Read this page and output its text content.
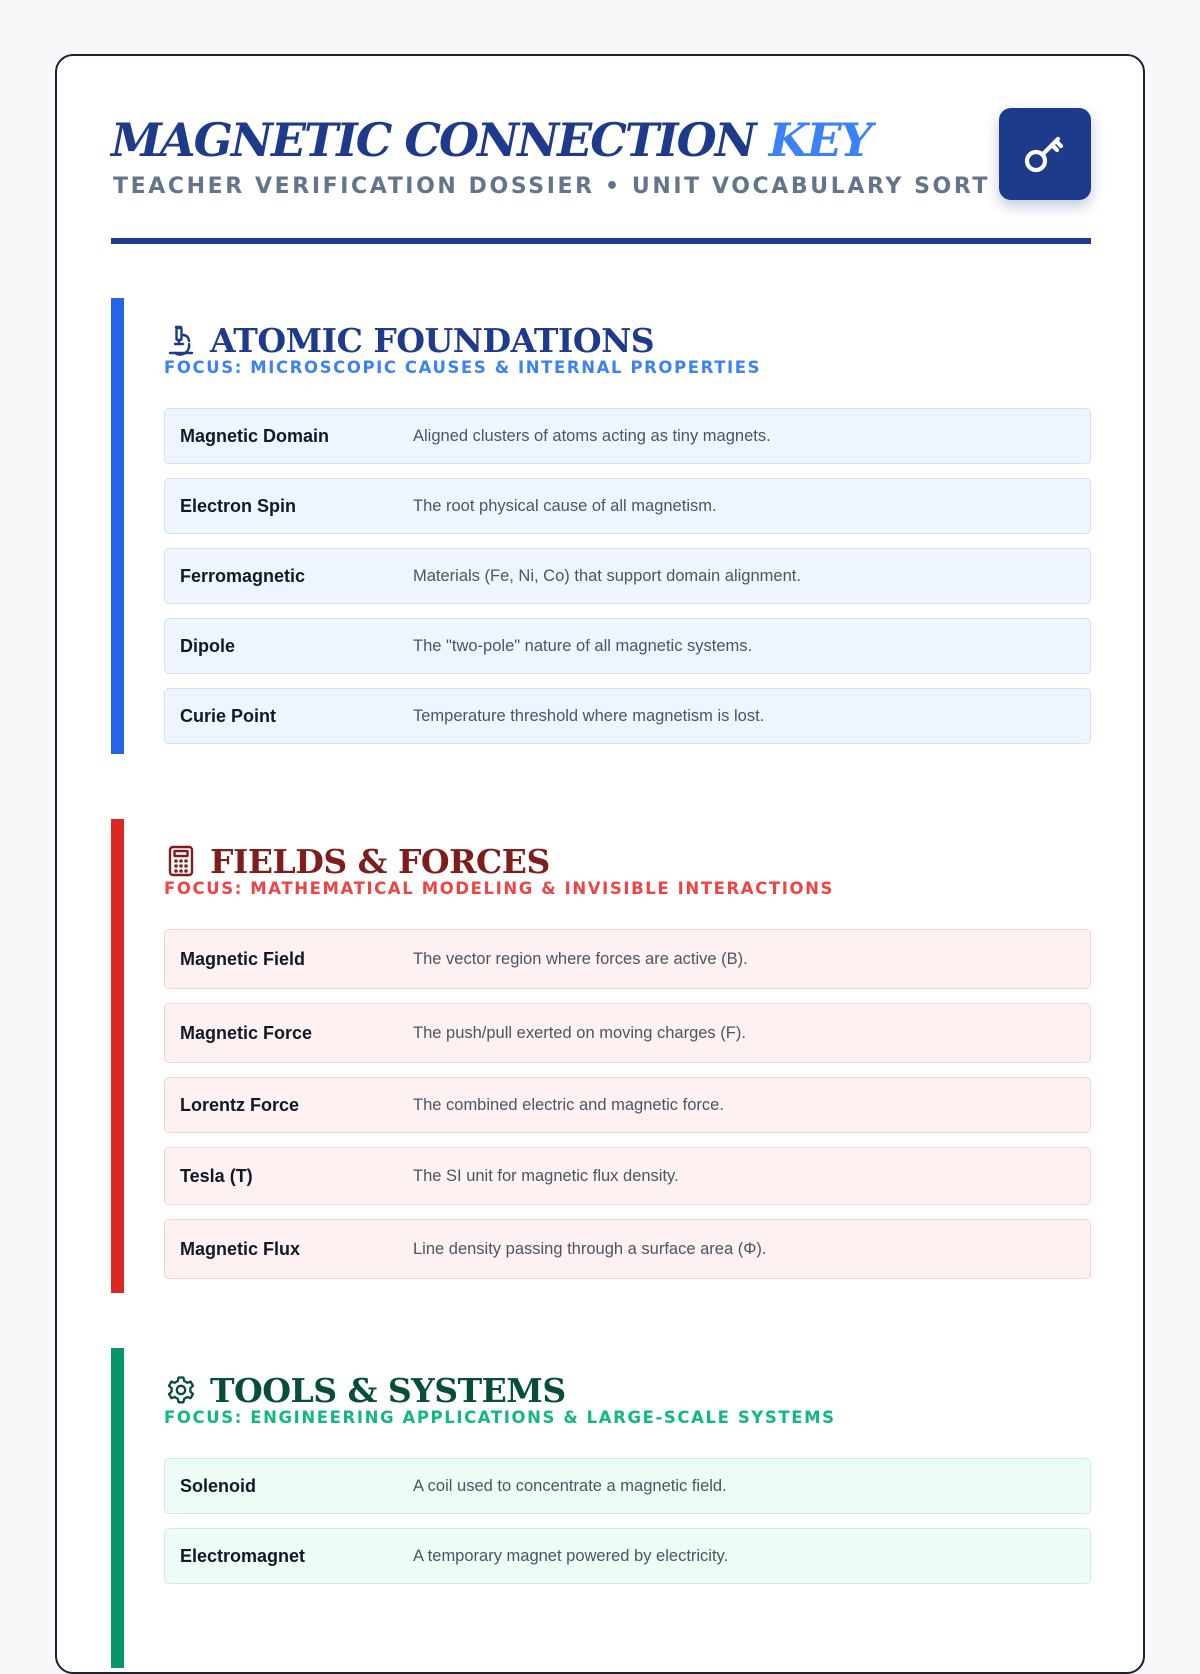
MAGNETIC CONNECTION KEY
TEACHER VERIFICATION DOSSIER • UNIT VOCABULARY SORT
ATOMIC FOUNDATIONS
FOCUS: MICROSCOPIC CAUSES & INTERNAL PROPERTIES
Magnetic Domain	Aligned clusters of atoms acting as tiny magnets.
Electron Spin	The root physical cause of all magnetism.
Ferromagnetic	Materials (Fe, Ni, Co) that support domain alignment.
Dipole	The "two-pole" nature of all magnetic systems.
Curie Point	Temperature threshold where magnetism is lost.
FIELDS & FORCES
FOCUS: MATHEMATICAL MODELING & INVISIBLE INTERACTIONS
Magnetic Field	The vector region where forces are active (B).
Magnetic Force	The push/pull exerted on moving charges (F).
Lorentz Force	The combined electric and magnetic force.
Tesla (T)	The SI unit for magnetic flux density.
Magnetic Flux	Line density passing through a surface area (Φ).
TOOLS & SYSTEMS
FOCUS: ENGINEERING APPLICATIONS & LARGE-SCALE SYSTEMS
Solenoid	A coil used to concentrate a magnetic field.
Electromagnet	A temporary magnet powered by electricity.
